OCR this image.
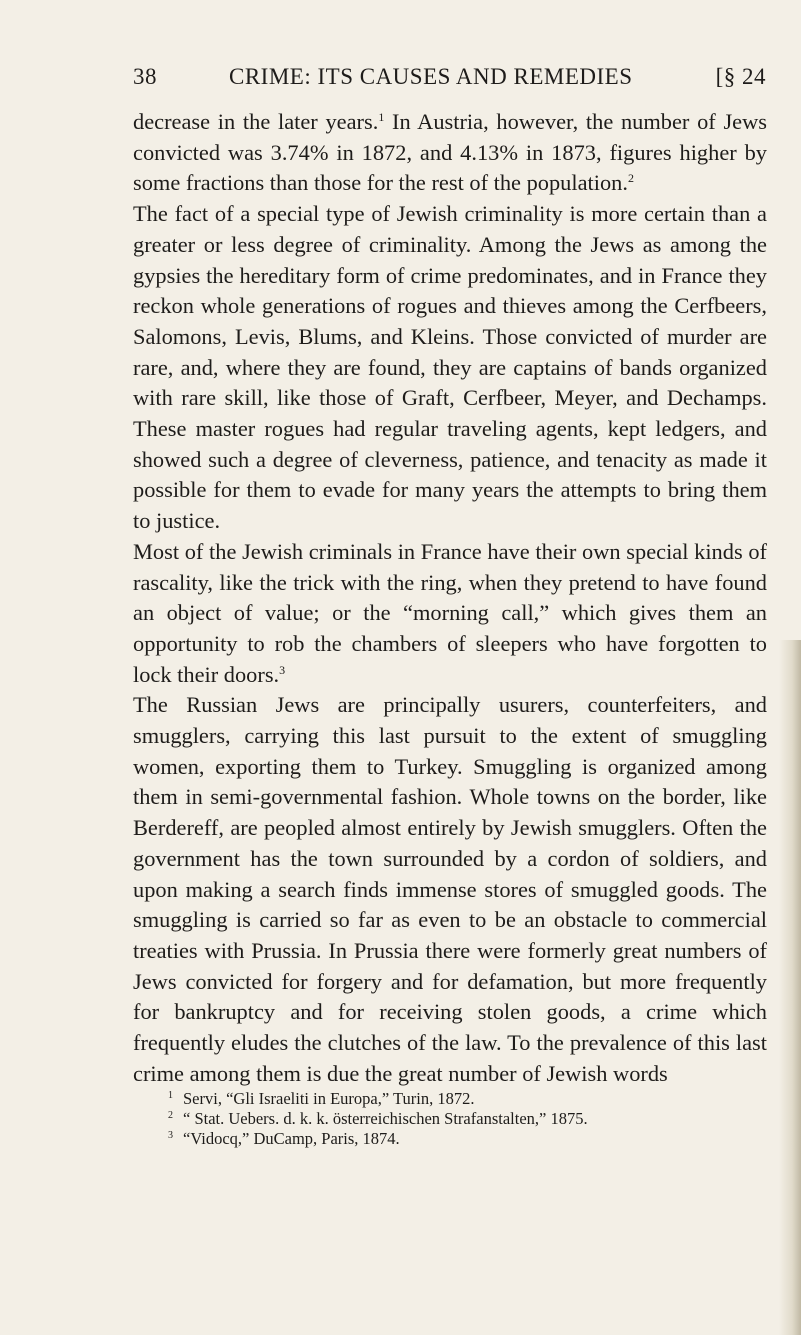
38	CRIME: ITS CAUSES AND REMEDIES	[§ 24

decrease in the later years.$^1$ In Austria, however, the number of Jews convicted was 3.74% in 1872, and 4.13% in 1873, figures higher by some fractions than those for the rest of the population.$^2$

The fact of a special type of Jewish criminality is more certain than a greater or less degree of criminality. Among the Jews as among the gypsies the hereditary form of crime predominates, and in France they reckon whole generations of rogues and thieves among the Cerfbeers, Salomons, Levis, Blums, and Kleins. Those convicted of murder are rare, and, where they are found, they are captains of bands organized with rare skill, like those of Graft, Cerfbeer, Meyer, and Dechamps. These master rogues had regular traveling agents, kept ledgers, and showed such a degree of cleverness, patience, and tenacity as made it possible for them to evade for many years the attempts to bring them to justice.

Most of the Jewish criminals in France have their own special kinds of rascality, like the trick with the ring, when they pretend to have found an object of value; or the “morning call,” which gives them an opportunity to rob the chambers of sleepers who have forgotten to lock their doors.$^3$

The Russian Jews are principally usurers, counterfeiters, and smugglers, carrying this last pursuit to the extent of smuggling women, exporting them to Turkey. Smuggling is organized among them in semi-governmental fashion. Whole towns on the border, like Berdereff, are peopled almost entirely by Jewish smugglers. Often the government has the town surrounded by a cordon of soldiers, and upon making a search finds immense stores of smuggled goods. The smuggling is carried so far as even to be an obstacle to commercial treaties with Prussia. In Prussia there were formerly great numbers of Jews convicted for forgery and for defamation, but more frequently for bankruptcy and for receiving stolen goods, a crime which frequently eludes the clutches of the law. To the prevalence of this last crime among them is due the great number of Jewish words

$^1$ Servi, “Gli Israeliti in Europa,” Turin, 1872.
$^2$ “ Stat. Uebers. d. k. k. österreichischen Strafanstalten,” 1875.
$^3$ “Vidocq,” DuCamp, Paris, 1874.
